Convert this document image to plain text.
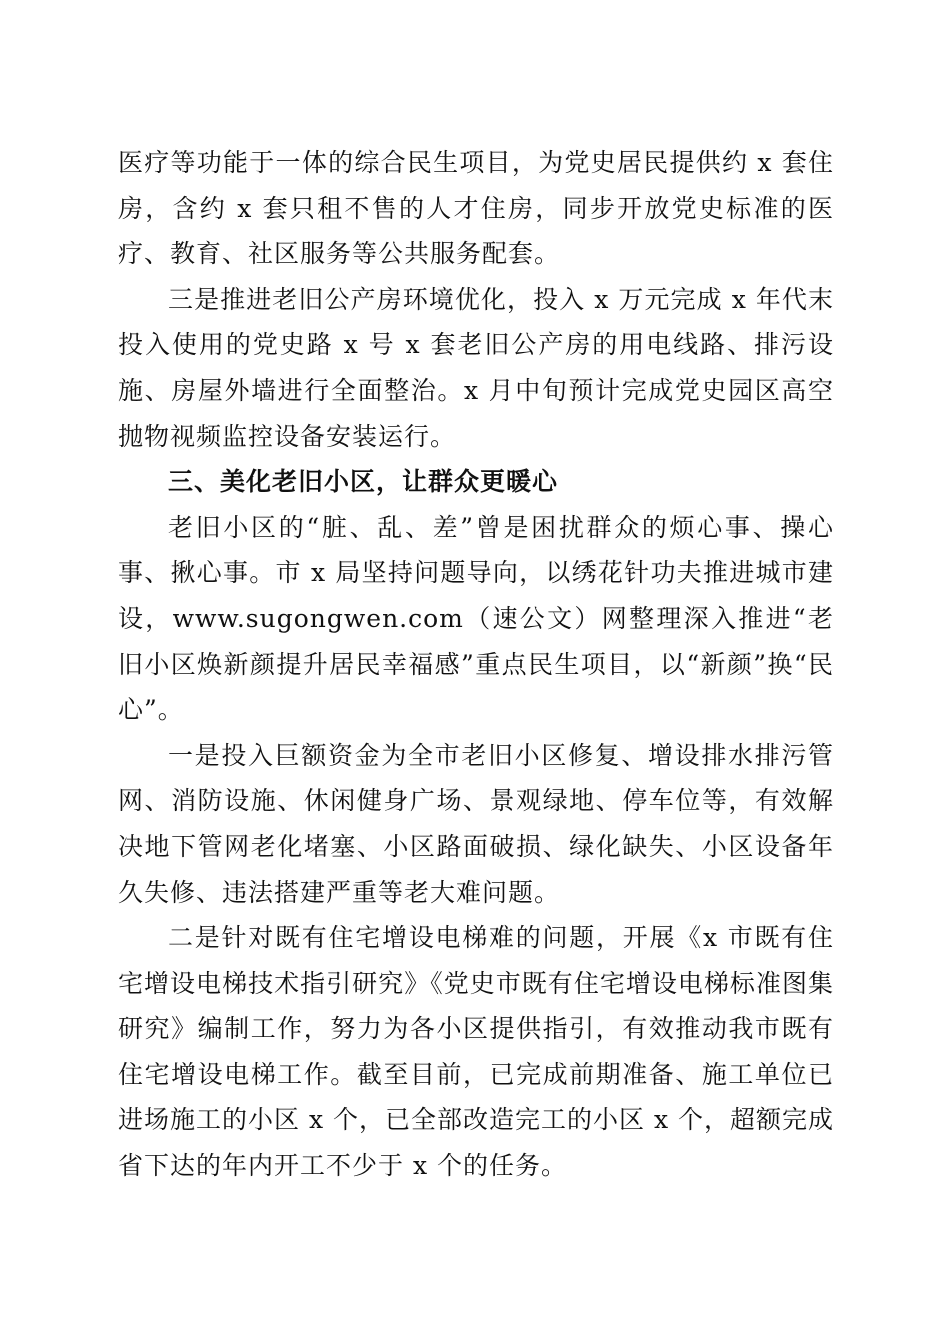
医疗等功能于一体的综合民生项目，为党史居民提供约 x 套住房，含约 x 套只租不售的人才住房，同步开放党史标准的医疗、教育、社区服务等公共服务配套。

三是推进老旧公产房环境优化，投入 x 万元完成 x 年代末投入使用的党史路 x 号 x 套老旧公产房的用电线路、排污设施、房屋外墙进行全面整治。x 月中旬预计完成党史园区高空抛物视频监控设备安装运行。

三、美化老旧小区，让群众更暖心

老旧小区的“脏、乱、差”曾是困扰群众的烦心事、操心事、揪心事。市 x 局坚持问题导向，以绣花针功夫推进城市建设，www.sugongwen.com（速公文）网整理深入推进“老旧小区焕新颜提升居民幸福感”重点民生项目，以“新颜”换“民心”。

一是投入巨额资金为全市老旧小区修复、增设排水排污管网、消防设施、休闲健身广场、景观绿地、停车位等，有效解决地下管网老化堵塞、小区路面破损、绿化缺失、小区设备年久失修、违法搭建严重等老大难问题。

二是针对既有住宅增设电梯难的问题，开展《x 市既有住宅增设电梯技术指引研究》《党史市既有住宅增设电梯标准图集研究》编制工作，努力为各小区提供指引，有效推动我市既有住宅增设电梯工作。截至目前，已完成前期准备、施工单位已进场施工的小区 x 个，已全部改造完工的小区 x 个，超额完成省下达的年内开工不少于 x 个的任务。
